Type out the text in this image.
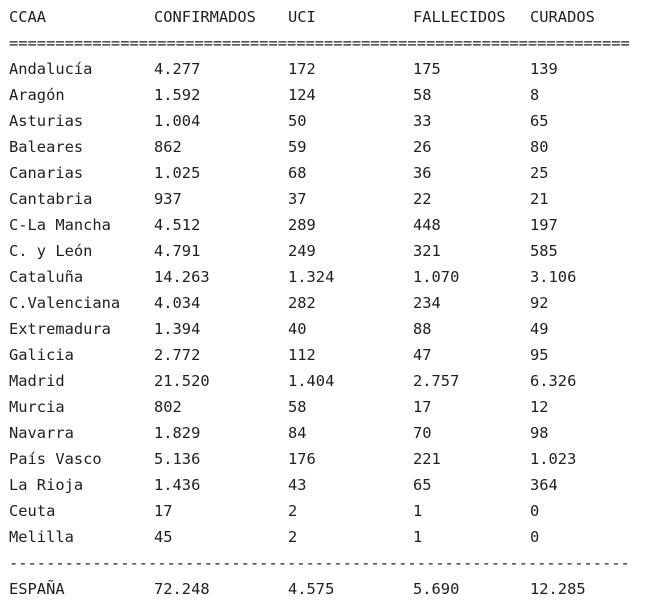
CCAA	CONFIRMADOS UCI	FALLECIDOS CURADOS
===================================================================
Andalucía	4.277	172	175	139
Aragón	1.592	124	58	8
Asturias	1.004	50	33	65
Baleares	862	59	26	80
Canarias	1.025	68	36	25
Cantabria	937	37	22	21
C-La Mancha	4.512	289	448	197
C. y León	4.791	249	321	585
Cataluña	14.263	1.324	1.070	3.106
C.Valenciana 4.034	282	234	92
Extremadura	1.394	40	88	49
Galicia	2.772	112	47	95
Madrid	21.520	1.404	2.757	6.326
Murcia	802	58	17	12
Navarra	1.829	84	70	98
País Vasco	5.136	176	221	1.023
La Rioja	1.436	43	65	364
Ceuta	17	2	1	0
Melilla	45	2	1	0
-------------------------------------------------------------------
ESPAÑA	72.248	4.575	5.690	12.285
